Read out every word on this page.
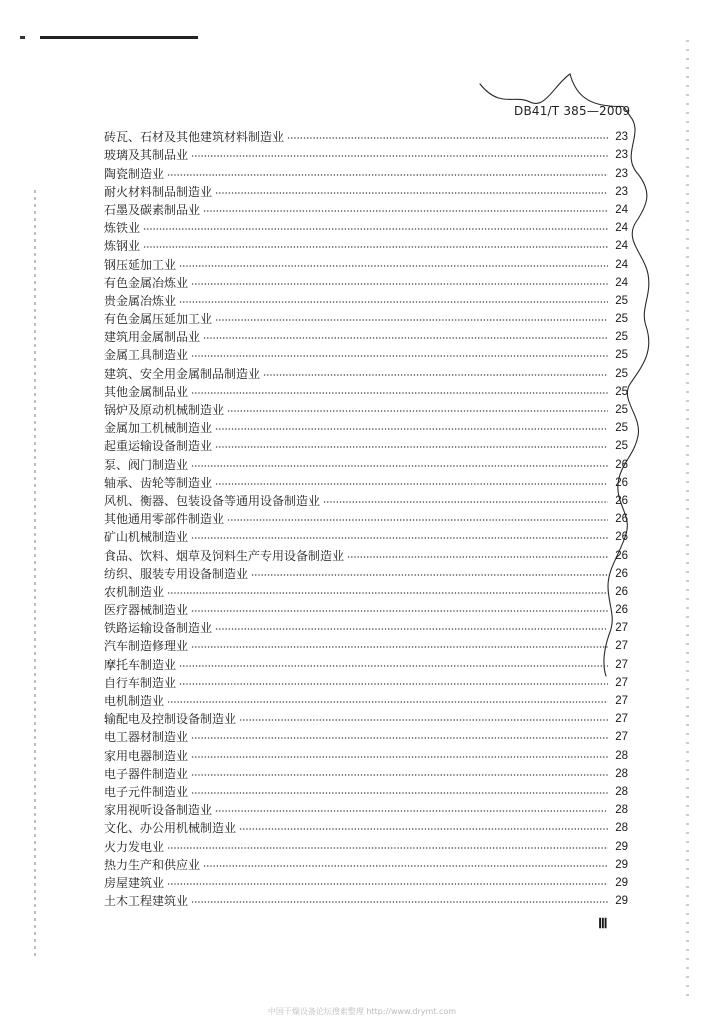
DB41/T 385—2009
砖瓦、石材及其他建筑材料制造业	23
玻璃及其制品业	23
陶瓷制造业	23
耐火材料制品制造业	23
石墨及碳素制品业	24
炼铁业	24
炼钢业	24
钢压延加工业	24
有色金属冶炼业	24
贵金属冶炼业	25
有色金属压延加工业	25
建筑用金属制品业	25
金属工具制造业	25
建筑、安全用金属制品制造业	25
其他金属制品业	25
锅炉及原动机械制造业	25
金属加工机械制造业	25
起重运输设备制造业	25
泵、阀门制造业	26
轴承、齿轮等制造业	26
风机、衡器、包装设备等通用设备制造业	26
其他通用零部件制造业	26
矿山机械制造业	26
食品、饮料、烟草及饲料生产专用设备制造业	26
纺织、服装专用设备制造业	26
农机制造业	26
医疗器械制造业	26
铁路运输设备制造业	27
汽车制造修理业	27
摩托车制造业	27
自行车制造业	27
电机制造业	27
输配电及控制设备制造业	27
电工器材制造业	27
家用电器制造业	28
电子器件制造业	28
电子元件制造业	28
家用视听设备制造业	28
文化、办公用机械制造业	28
火力发电业	29
热力生产和供应业	29
房屋建筑业	29
土木工程建筑业	29
Ⅲ
中国干燥设备论坛搜索整理 http://www.drymt.com
